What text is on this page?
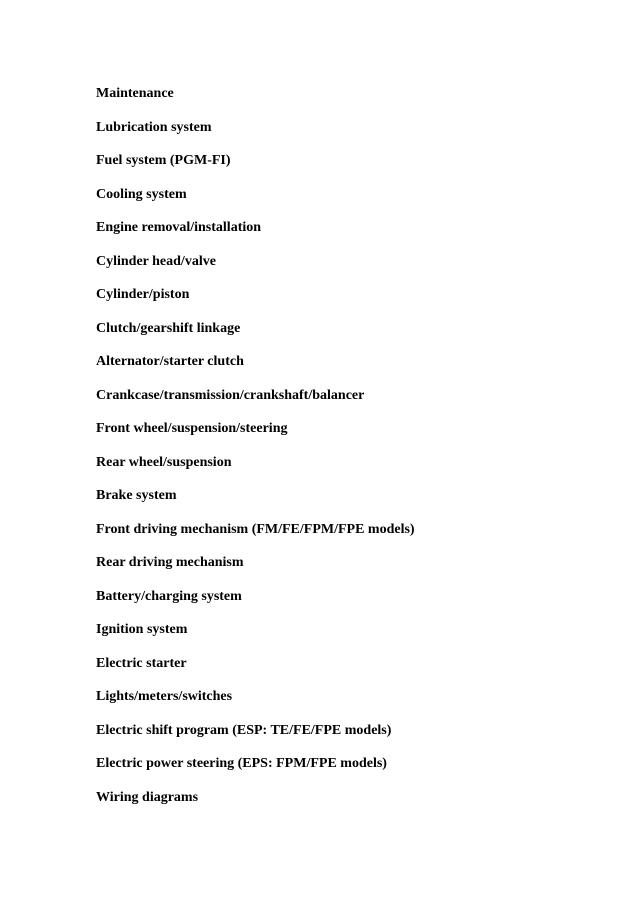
Maintenance
Lubrication system
Fuel system (PGM-FI)
Cooling system
Engine removal/installation
Cylinder head/valve
Cylinder/piston
Clutch/gearshift linkage
Alternator/starter clutch
Crankcase/transmission/crankshaft/balancer
Front wheel/suspension/steering
Rear wheel/suspension
Brake system
Front driving mechanism (FM/FE/FPM/FPE models)
Rear driving mechanism
Battery/charging system
Ignition system
Electric starter
Lights/meters/switches
Electric shift program (ESP: TE/FE/FPE models)
Electric power steering (EPS: FPM/FPE models)
Wiring diagrams
